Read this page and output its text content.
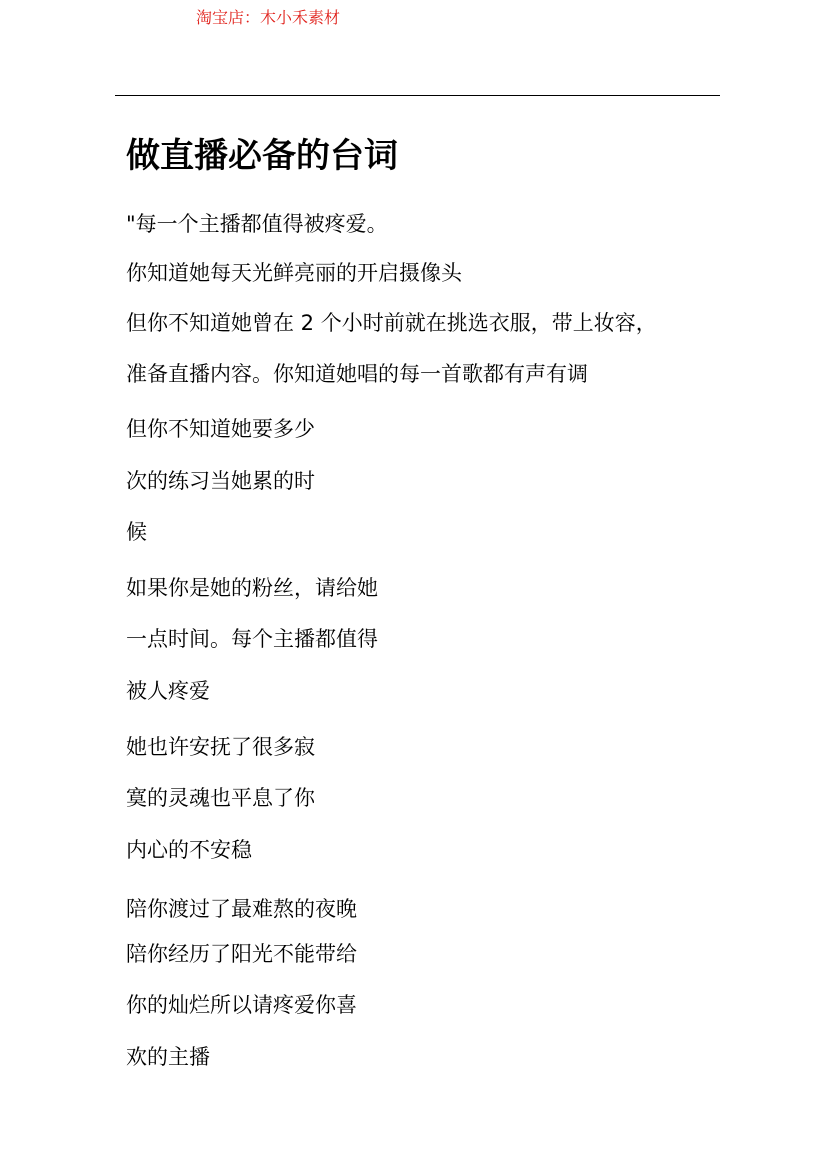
淘宝店：木小禾素材
做直播必备的台词
"每一个主播都值得被疼爱。
你知道她每天光鲜亮丽的开启摄像头
但你不知道她曾在 2 个小时前就在挑选衣服，带上妆容，
准备直播内容。你知道她唱的每一首歌都有声有调
但你不知道她要多少
次的练习当她累的时
候
如果你是她的粉丝，请给她
一点时间。每个主播都值得
被人疼爱
她也许安抚了很多寂
寞的灵魂也平息了你
内心的不安稳
陪你渡过了最难熬的夜晚
陪你经历了阳光不能带给
你的灿烂所以请疼爱你喜
欢的主播
